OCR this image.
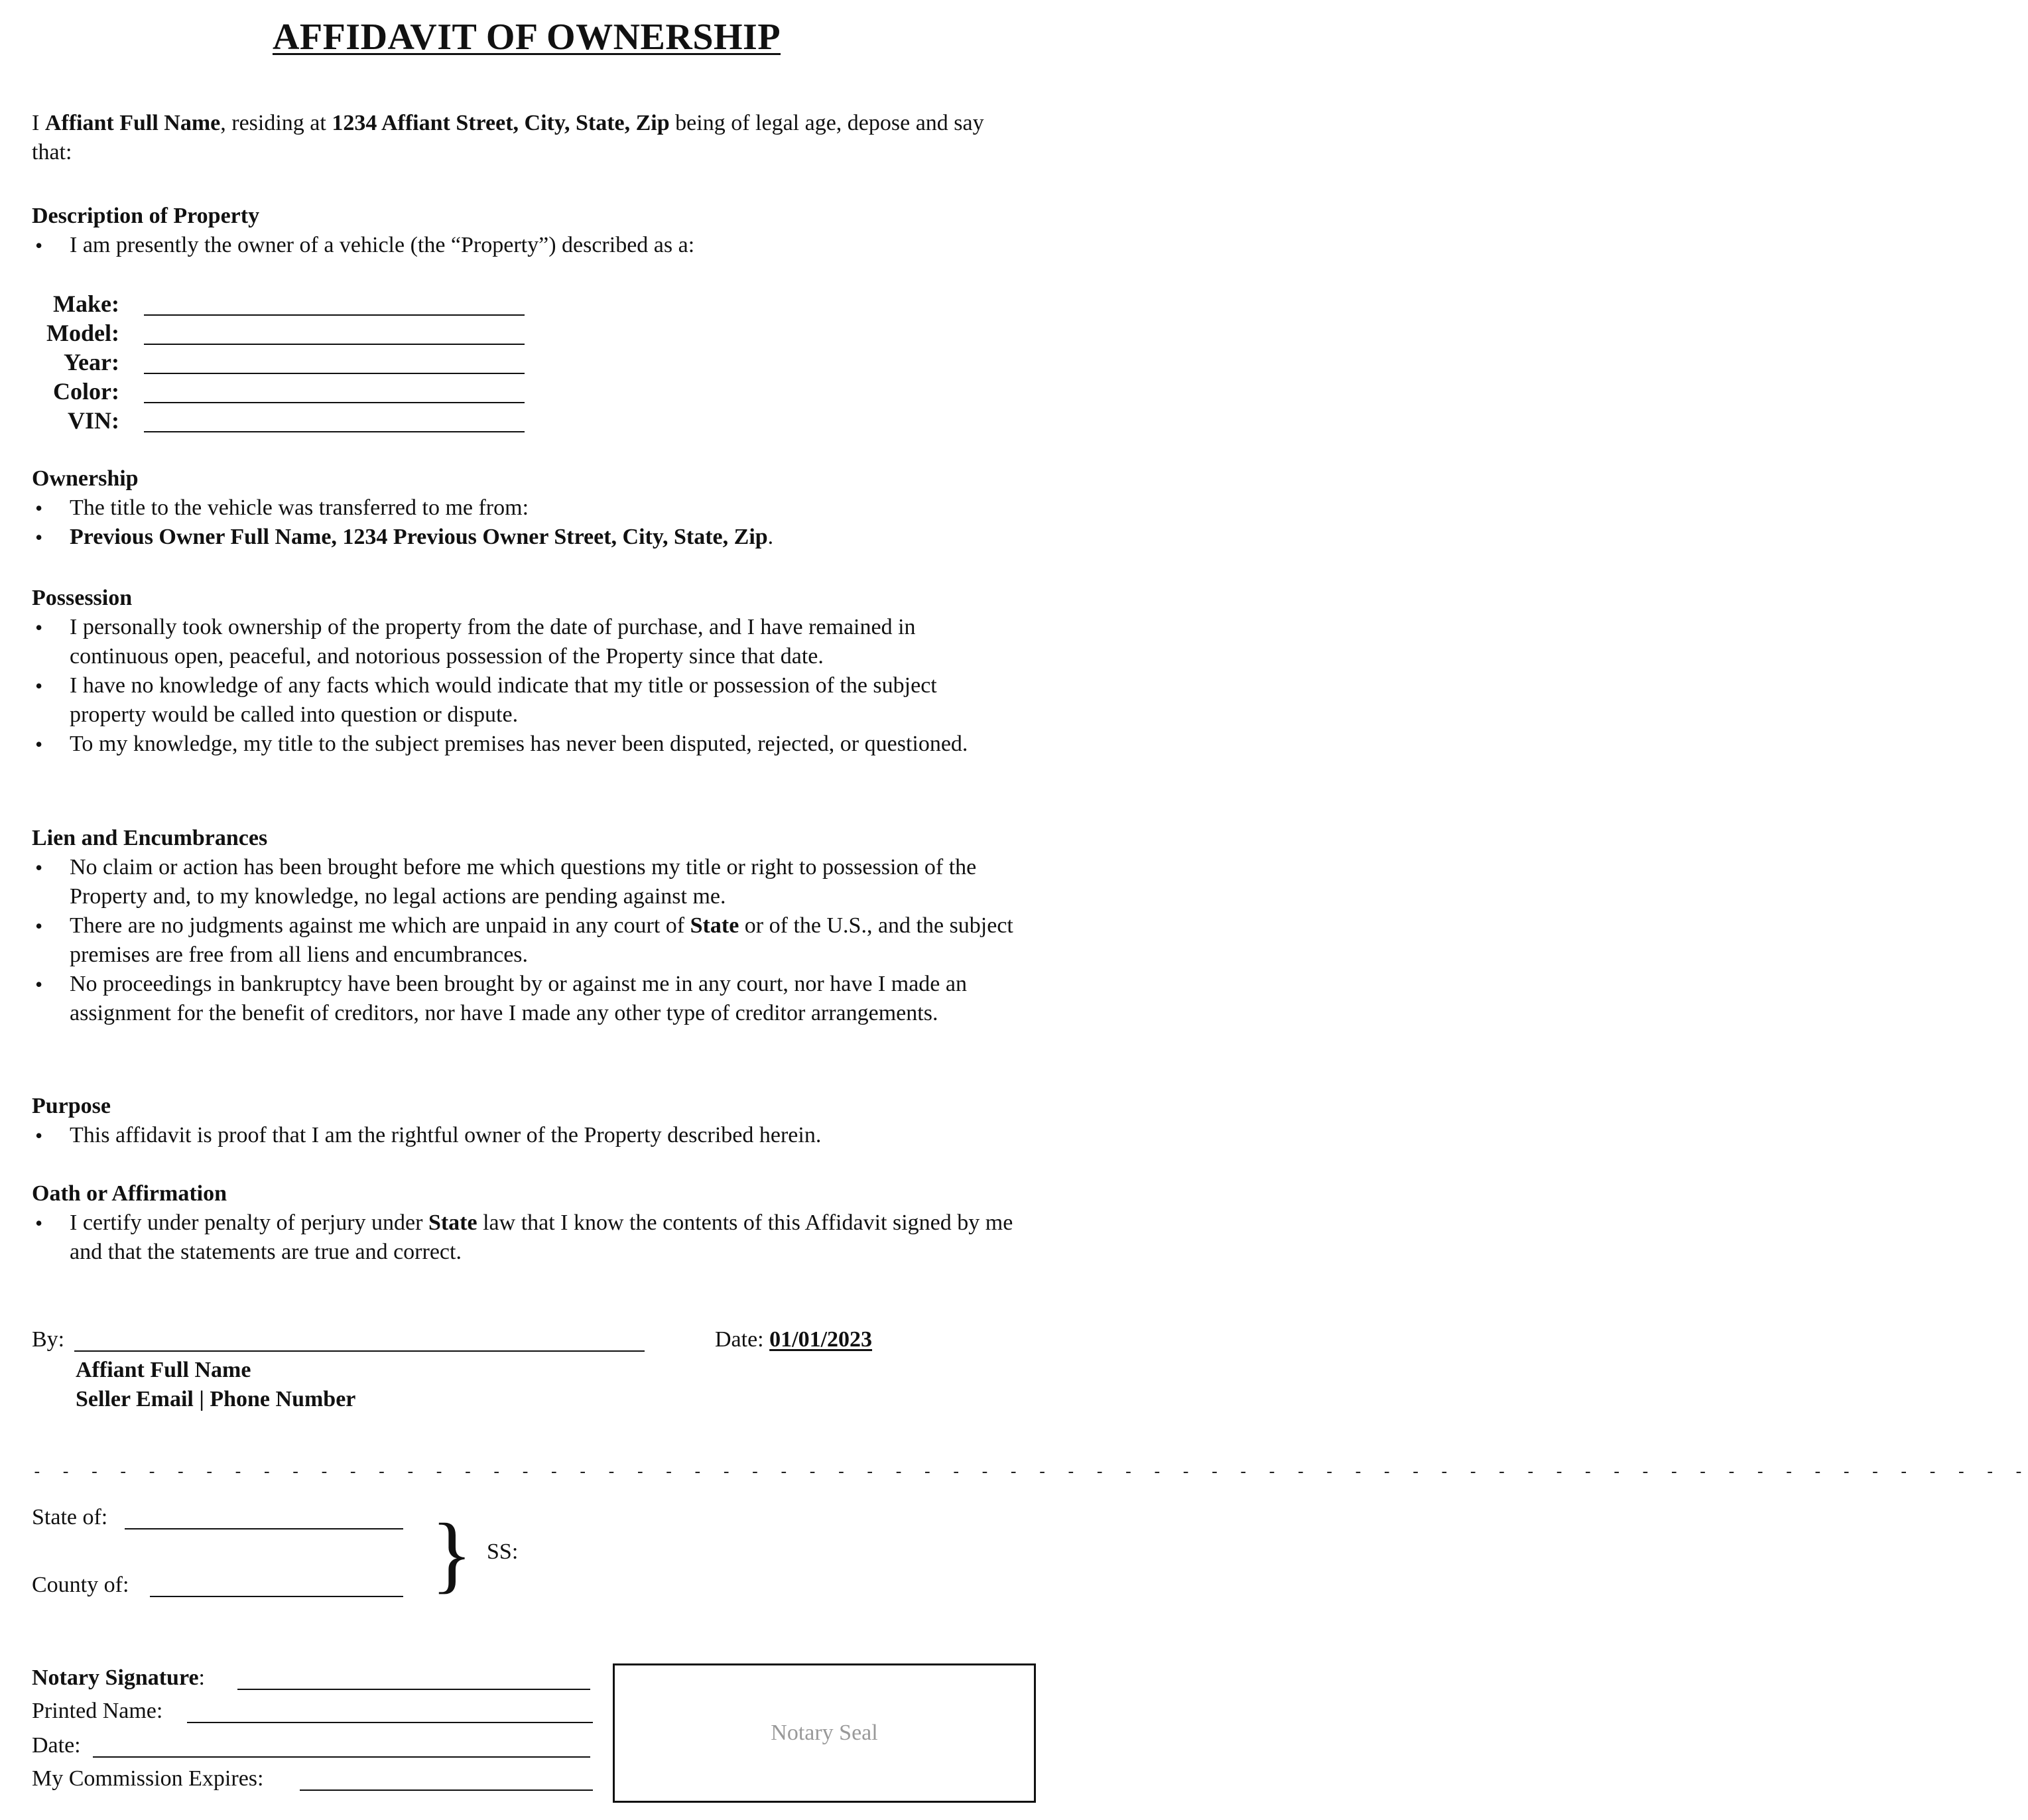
AFFIDAVIT OF OWNERSHIP
I Affiant Full Name, residing at 1234 Affiant Street, City, State, Zip being of legal age, depose and say that:
Description of Property
• I am presently the owner of a vehicle (the “Property”) described as a:
Make:
Model:
Year:
Color:
VIN:
Ownership
• The title to the vehicle was transferred to me from:
• Previous Owner Full Name, 1234 Previous Owner Street, City, State, Zip.
Possession
• I personally took ownership of the property from the date of purchase, and I have remained in continuous open, peaceful, and notorious possession of the Property since that date.
• I have no knowledge of any facts which would indicate that my title or possession of the subject property would be called into question or dispute.
• To my knowledge, my title to the subject premises has never been disputed, rejected, or questioned.
Lien and Encumbrances
• No claim or action has been brought before me which questions my title or right to possession of the Property and, to my knowledge, no legal actions are pending against me.
• There are no judgments against me which are unpaid in any court of State or of the U.S., and the subject premises are free from all liens and encumbrances.
• No proceedings in bankruptcy have been brought by or against me in any court, nor have I made an assignment for the benefit of creditors, nor have I made any other type of creditor arrangements.
Purpose
• This affidavit is proof that I am the rightful owner of the Property described herein.
Oath or Affirmation
• I certify under penalty of perjury under State law that I know the contents of this Affidavit signed by me and that the statements are true and correct.
By:	Date: 01/01/2023
Affiant Full Name
Seller Email | Phone Number
- - - - - - - - - - - - - - - - - - - - - - - - - - - - - - - - - - - - - - - - - - - - - - - - - - - - - - - - - - - - - - - - - - - - - -
State of:
County of:	} SS:
Notary Signature:
Printed Name:
Date:
My Commission Expires:
Notary Seal
